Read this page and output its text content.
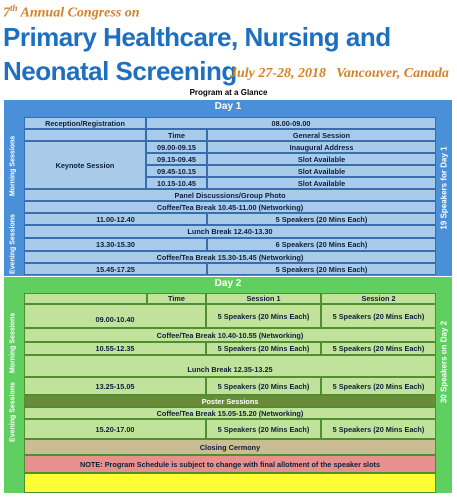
7th Annual Congress on
Primary Healthcare, Nursing and
Neonatal Screening
July 27-28, 2018 Vancouver, Canada
Program at a Glance
Day 1
Morning Sessions
Evening Sessions
19 Speakers for Day 1
Reception/Registration	08.00-09.00
Time	General Session
Keynote Session
09.00-09.15	Inaugural Address
09.15-09.45	Slot Available
09.45-10.15	Slot Available
10.15-10.45	Slot Available
Panel Discussions/Group Photo
Coffee/Tea Break 10.45-11.00 (Networking)
11.00-12.40	5 Speakers (20 Mins Each)
Lunch Break 12.40-13.30
13.30-15.30	6 Speakers (20 Mins Each)
Coffee/Tea Break 15.30-15.45 (Networking)
15.45-17.25	5 Speakers (20 Mins Each)
Day 2
Morning Sessions
Evening Sessions
30 Speakers on Day 2
Time	Session 1	Session 2
09.00-10.40	5 Speakers (20 Mins Each)	5 Speakers (20 Mins Each)
Coffee/Tea Break 10.40-10.55 (Networking)
10.55-12.35	5 Speakers (20 Mins Each)	5 Speakers (20 Mins Each)
Lunch Break 12.35-13.25
13.25-15.05	5 Speakers (20 Mins Each)	5 Speakers (20 Mins Each)
Poster Sessions
Coffee/Tea Break 15.05-15.20 (Networking)
15.20-17.00	5 Speakers (20 Mins Each)	5 Speakers (20 Mins Each)
Closing Cermony
NOTE: Program Schedule is subject to change with final allotment of the speaker slots
